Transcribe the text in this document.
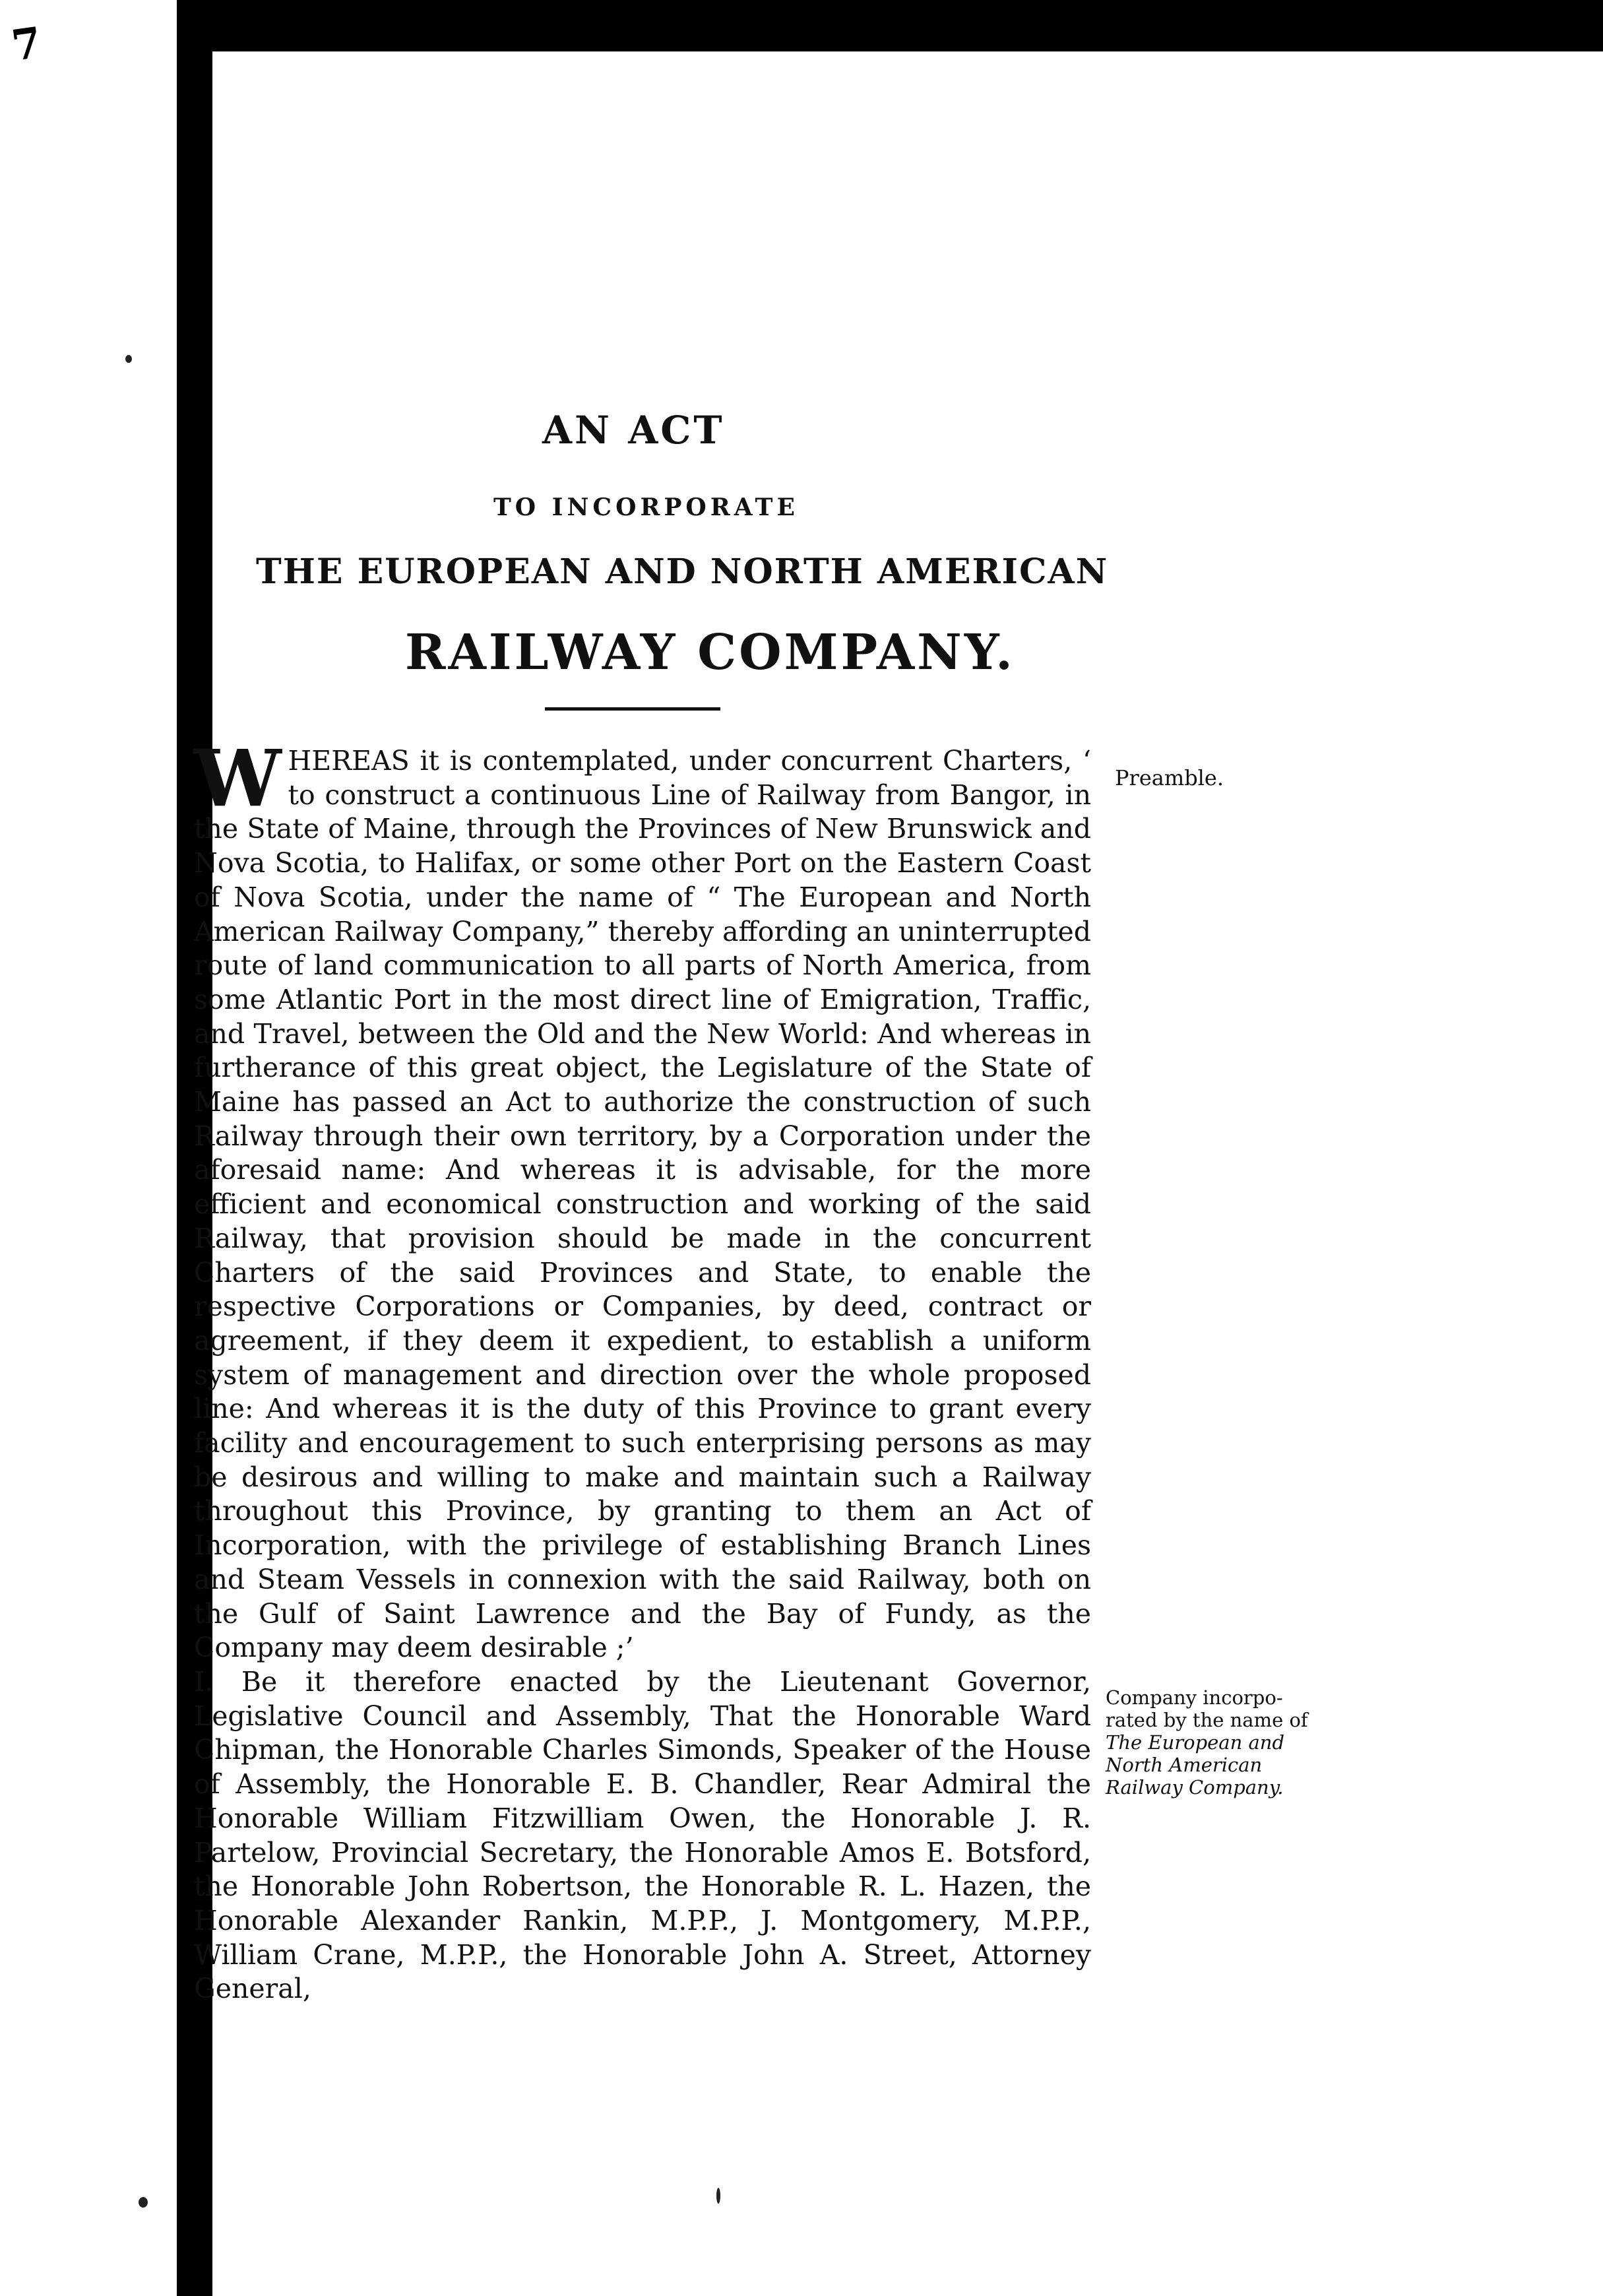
7
AN ACT
TO INCORPORATE
THE EUROPEAN AND NORTH AMERICAN
RAILWAY COMPANY.

WHEREAS it is contemplated, under concurrent Charters, ‘ to construct a continuous Line of Railway from Bangor, in the State of Maine, through the Provinces of New Brunswick and Nova Scotia, to Halifax, or some other Port on the Eastern Coast of Nova Scotia, under the name of “ The European and North American Railway Company,” thereby affording an uninterrupted route of land communication to all parts of North America, from some Atlantic Port in the most direct line of Emigration, Traffic, and Travel, between the Old and the New World: And whereas in furtherance of this great object, the Legislature of the State of Maine has passed an Act to authorize the construction of such Railway through their own territory, by a Corporation under the aforesaid name: And whereas it is advisable, for the more efficient and economical construction and working of the said Railway, that provision should be made in the concurrent Charters of the said Provinces and State, to enable the respective Corporations or Companies, by deed, contract or agreement, if they deem it expedient, to establish a uniform system of management and direction over the whole proposed line: And whereas it is the duty of this Province to grant every facility and encouragement to such enterprising persons as may be desirous and willing to make and maintain such a Railway throughout this Province, by granting to them an Act of Incorporation, with the privilege of establishing Branch Lines and Steam Vessels in connexion with the said Railway, both on the Gulf of Saint Lawrence and the Bay of Fundy, as the Company may deem desirable ;’

I. Be it therefore enacted by the Lieutenant Governor, Legislative Council and Assembly, That the Honorable Ward Chipman, the Honorable Charles Simonds, Speaker of the House of Assembly, the Honorable E. B. Chandler, Rear Admiral the Honorable William Fitzwilliam Owen, the Honorable J. R. Partelow, Provincial Secretary, the Honorable Amos E. Botsford, the Honorable John Robertson, the Honorable R. L. Hazen, the Honorable Alexander Rankin, M.P.P., J. Montgomery, M.P.P., William Crane, M.P.P., the Honorable John A. Street, Attorney General,

Preamble.
Company incorpo-
rated by the name of
The European and
North American
Railway Company.
